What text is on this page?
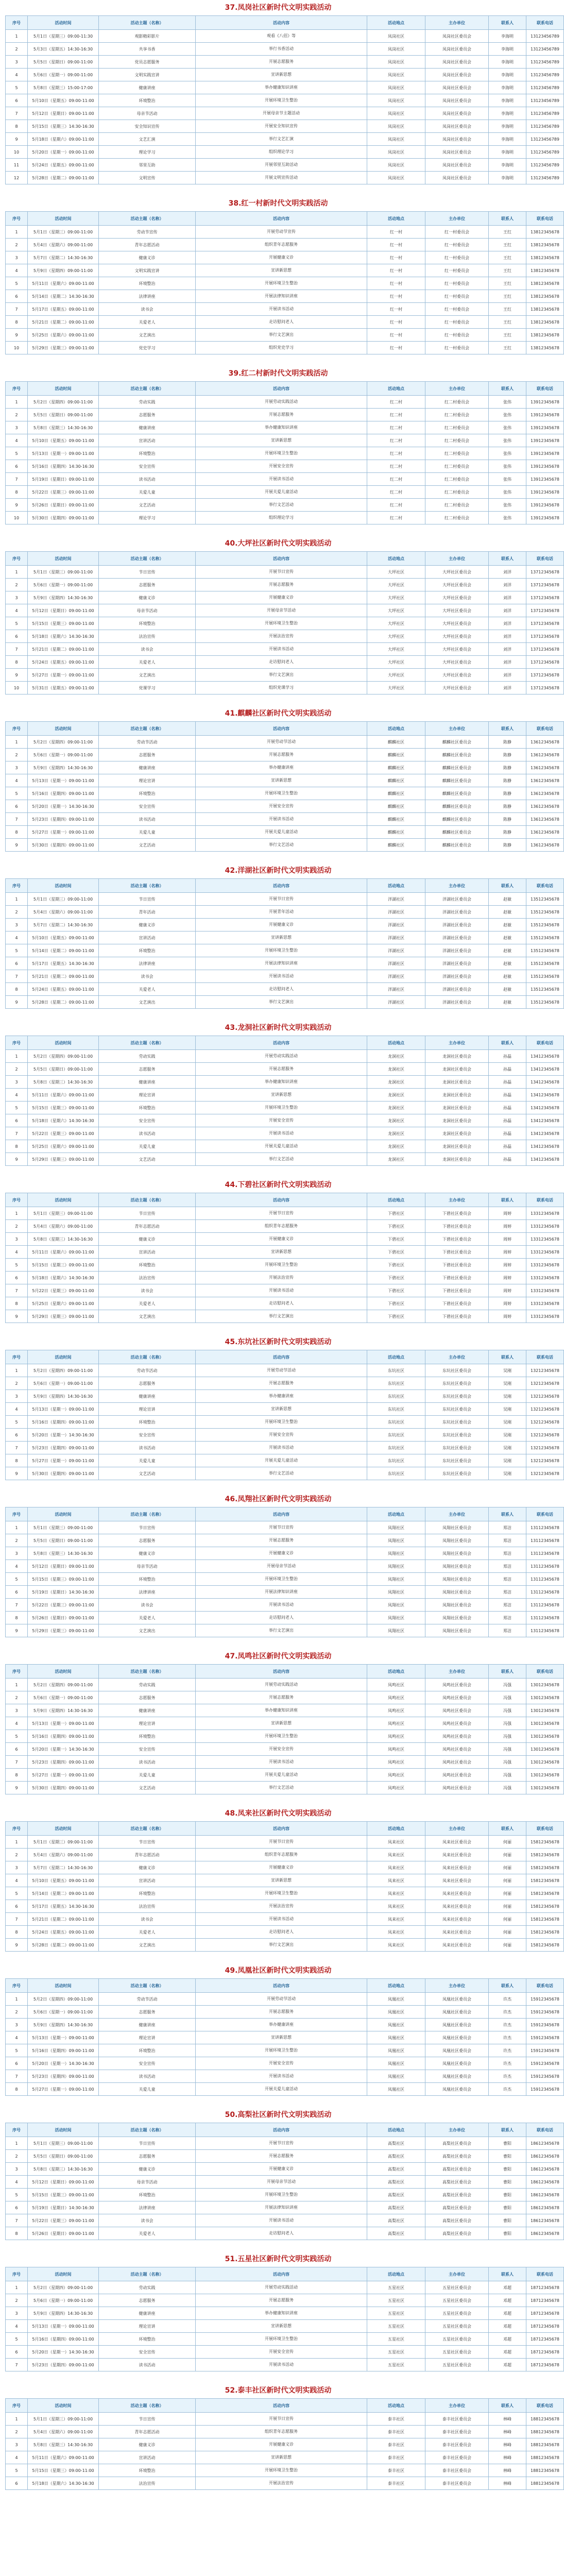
37.凤岗社区新时代文明实践活动
序号	活动时间	活动主题（名称）	活动内容	活动地点	主办单位	联系人	联系电话
1	5月1日（星期三）09:00-11:30	观影精彩影片	观看《八佰》等	凤岗社区	凤岗社区委员会	李海明	13123456789
2	5月3日（星期五）14:30-16:30	共享书香	举行书香活动	凤岗社区	凤岗社区委员会	李海明	13123456789
3	5月5日（星期日）09:00-11:00	党员志愿服务	开展志愿服务	凤岗社区	凤岗社区委员会	李海明	13123456789
4	5月6日（星期一）09:00-11:00	文明实践宣讲	宣讲新思想	凤岗社区	凤岗社区委员会	李海明	13123456789
5	5月8日（星期三）15:00-17:00	健康讲座	举办健康知识讲座	凤岗社区	凤岗社区委员会	李海明	13123456789
6	5月10日（星期五）09:00-11:00	环境整治	开展环境卫生整治	凤岗社区	凤岗社区委员会	李海明	13123456789
7	5月12日（星期日）09:00-11:00	母亲节活动	开展母亲节主题活动	凤岗社区	凤岗社区委员会	李海明	13123456789
8	5月15日（星期三）14:30-16:30	安全知识宣传	开展安全知识宣传	凤岗社区	凤岗社区委员会	李海明	13123456789
9	5月18日（星期六）09:00-11:00	文艺汇演	举行文艺汇演	凤岗社区	凤岗社区委员会	李海明	13123456789
10	5月20日（星期一）09:00-11:00	理论学习	组织理论学习	凤岗社区	凤岗社区委员会	李海明	13123456789
11	5月24日（星期五）09:00-11:00	邻里互助	开展邻里互助活动	凤岗社区	凤岗社区委员会	李海明	13123456789
12	5月28日（星期二）09:00-11:00	文明宣传	开展文明宣传活动	凤岗社区	凤岗社区委员会	李海明	13123456789
38.红一村新时代文明实践活动
序号	活动时间	活动主题（名称）	活动内容	活动地点	主办单位	联系人	联系电话
1	5月1日（星期三）09:00-11:00	劳动节宣传	开展劳动节宣传	红一村	红一村委员会	王红	13812345678
2	5月4日（星期六）09:00-11:00	青年志愿活动	组织青年志愿服务	红一村	红一村委员会	王红	13812345678
3	5月7日（星期二）14:30-16:30	健康义诊	开展健康义诊	红一村	红一村委员会	王红	13812345678
4	5月9日（星期四）09:00-11:00	文明实践宣讲	宣讲新思想	红一村	红一村委员会	王红	13812345678
5	5月11日（星期六）09:00-11:00	环境整治	开展环境卫生整治	红一村	红一村委员会	王红	13812345678
6	5月14日（星期二）14:30-16:30	法律讲座	开展法律知识讲座	红一村	红一村委员会	王红	13812345678
7	5月17日（星期五）09:00-11:00	读书会	开展读书活动	红一村	红一村委员会	王红	13812345678
8	5月21日（星期二）09:00-11:00	关爱老人	走访慰问老人	红一村	红一村委员会	王红	13812345678
9	5月25日（星期六）09:00-11:00	文艺演出	举行文艺演出	红一村	红一村委员会	王红	13812345678
10	5月29日（星期三）09:00-11:00	党史学习	组织党史学习	红一村	红一村委员会	王红	13812345678
39.红二村新时代文明实践活动
序号	活动时间	活动主题（名称）	活动内容	活动地点	主办单位	联系人	联系电话
1	5月2日（星期四）09:00-11:00	劳动实践	开展劳动实践活动	红二村	红二村委员会	张伟	13912345678
2	5月5日（星期日）09:00-11:00	志愿服务	开展志愿服务	红二村	红二村委员会	张伟	13912345678
3	5月8日（星期三）14:30-16:30	健康讲座	举办健康知识讲座	红二村	红二村委员会	张伟	13912345678
4	5月10日（星期五）09:00-11:00	宣讲活动	宣讲新思想	红二村	红二村委员会	张伟	13912345678
5	5月13日（星期一）09:00-11:00	环境整治	开展环境卫生整治	红二村	红二村委员会	张伟	13912345678
6	5月16日（星期四）14:30-16:30	安全宣传	开展安全宣传	红二村	红二村委员会	张伟	13912345678
7	5月19日（星期日）09:00-11:00	读书活动	开展读书活动	红二村	红二村委员会	张伟	13912345678
8	5月22日（星期三）09:00-11:00	关爱儿童	开展关爱儿童活动	红二村	红二村委员会	张伟	13912345678
9	5月26日（星期日）09:00-11:00	文艺活动	举行文艺活动	红二村	红二村委员会	张伟	13912345678
10	5月30日（星期四）09:00-11:00	理论学习	组织理论学习	红二村	红二村委员会	张伟	13912345678
40.大坪社区新时代文明实践活动
序号	活动时间	活动主题（名称）	活动内容	活动地点	主办单位	联系人	联系电话
1	5月1日（星期三）09:00-11:00	节日宣传	开展节日宣传	大坪社区	大坪社区委员会	刘洋	13712345678
2	5月6日（星期一）09:00-11:00	志愿服务	开展志愿服务	大坪社区	大坪社区委员会	刘洋	13712345678
3	5月9日（星期四）14:30-16:30	健康义诊	开展健康义诊	大坪社区	大坪社区委员会	刘洋	13712345678
4	5月12日（星期日）09:00-11:00	母亲节活动	开展母亲节活动	大坪社区	大坪社区委员会	刘洋	13712345678
5	5月15日（星期三）09:00-11:00	环境整治	开展环境卫生整治	大坪社区	大坪社区委员会	刘洋	13712345678
6	5月18日（星期六）14:30-16:30	法治宣传	开展法治宣传	大坪社区	大坪社区委员会	刘洋	13712345678
7	5月21日（星期二）09:00-11:00	读书会	开展读书活动	大坪社区	大坪社区委员会	刘洋	13712345678
8	5月24日（星期五）09:00-11:00	关爱老人	走访慰问老人	大坪社区	大坪社区委员会	刘洋	13712345678
9	5月27日（星期一）09:00-11:00	文艺演出	举行文艺演出	大坪社区	大坪社区委员会	刘洋	13712345678
10	5月31日（星期五）09:00-11:00	党课学习	组织党课学习	大坪社区	大坪社区委员会	刘洋	13712345678
41.麒麟社区新时代文明实践活动
序号	活动时间	活动主题（名称）	活动内容	活动地点	主办单位	联系人	联系电话
1	5月2日（星期四）09:00-11:00	劳动节活动	开展劳动节活动	麒麟社区	麒麟社区委员会	陈静	13612345678
2	5月6日（星期一）09:00-11:00	志愿服务	开展志愿服务	麒麟社区	麒麟社区委员会	陈静	13612345678
3	5月9日（星期四）14:30-16:30	健康讲座	举办健康讲座	麒麟社区	麒麟社区委员会	陈静	13612345678
4	5月13日（星期一）09:00-11:00	理论宣讲	宣讲新思想	麒麟社区	麒麟社区委员会	陈静	13612345678
5	5月16日（星期四）09:00-11:00	环境整治	开展环境卫生整治	麒麟社区	麒麟社区委员会	陈静	13612345678
6	5月20日（星期一）14:30-16:30	安全宣传	开展安全宣传	麒麟社区	麒麟社区委员会	陈静	13612345678
7	5月23日（星期四）09:00-11:00	读书活动	开展读书活动	麒麟社区	麒麟社区委员会	陈静	13612345678
8	5月27日（星期一）09:00-11:00	关爱儿童	开展关爱儿童活动	麒麟社区	麒麟社区委员会	陈静	13612345678
9	5月30日（星期四）09:00-11:00	文艺活动	举行文艺活动	麒麟社区	麒麟社区委员会	陈静	13612345678
42.洋湖社区新时代文明实践活动
序号	活动时间	活动主题（名称）	活动内容	活动地点	主办单位	联系人	联系电话
1	5月1日（星期三）09:00-11:00	节日宣传	开展节日宣传	洋湖社区	洋湖社区委员会	赵敏	13512345678
2	5月4日（星期六）09:00-11:00	青年活动	开展青年活动	洋湖社区	洋湖社区委员会	赵敏	13512345678
3	5月7日（星期二）14:30-16:30	健康义诊	开展健康义诊	洋湖社区	洋湖社区委员会	赵敏	13512345678
4	5月10日（星期五）09:00-11:00	宣讲活动	宣讲新思想	洋湖社区	洋湖社区委员会	赵敏	13512345678
5	5月14日（星期二）09:00-11:00	环境整治	开展环境卫生整治	洋湖社区	洋湖社区委员会	赵敏	13512345678
6	5月17日（星期五）14:30-16:30	法律讲座	开展法律知识讲座	洋湖社区	洋湖社区委员会	赵敏	13512345678
7	5月21日（星期二）09:00-11:00	读书会	开展读书活动	洋湖社区	洋湖社区委员会	赵敏	13512345678
8	5月24日（星期五）09:00-11:00	关爱老人	走访慰问老人	洋湖社区	洋湖社区委员会	赵敏	13512345678
9	5月28日（星期二）09:00-11:00	文艺演出	举行文艺演出	洋湖社区	洋湖社区委员会	赵敏	13512345678
43.龙洞社区新时代文明实践活动
序号	活动时间	活动主题（名称）	活动内容	活动地点	主办单位	联系人	联系电话
1	5月2日（星期四）09:00-11:00	劳动实践	开展劳动实践活动	龙洞社区	龙洞社区委员会	孙磊	13412345678
2	5月5日（星期日）09:00-11:00	志愿服务	开展志愿服务	龙洞社区	龙洞社区委员会	孙磊	13412345678
3	5月8日（星期三）14:30-16:30	健康讲座	举办健康知识讲座	龙洞社区	龙洞社区委员会	孙磊	13412345678
4	5月11日（星期六）09:00-11:00	理论宣讲	宣讲新思想	龙洞社区	龙洞社区委员会	孙磊	13412345678
5	5月15日（星期三）09:00-11:00	环境整治	开展环境卫生整治	龙洞社区	龙洞社区委员会	孙磊	13412345678
6	5月18日（星期六）14:30-16:30	安全宣传	开展安全宣传	龙洞社区	龙洞社区委员会	孙磊	13412345678
7	5月22日（星期三）09:00-11:00	读书活动	开展读书活动	龙洞社区	龙洞社区委员会	孙磊	13412345678
8	5月25日（星期六）09:00-11:00	关爱儿童	开展关爱儿童活动	龙洞社区	龙洞社区委员会	孙磊	13412345678
9	5月29日（星期三）09:00-11:00	文艺活动	举行文艺活动	龙洞社区	龙洞社区委员会	孙磊	13412345678
44.下碧社区新时代文明实践活动
序号	活动时间	活动主题（名称）	活动内容	活动地点	主办单位	联系人	联系电话
1	5月1日（星期三）09:00-11:00	节日宣传	开展节日宣传	下碧社区	下碧社区委员会	周婷	13312345678
2	5月4日（星期六）09:00-11:00	青年志愿活动	组织青年志愿服务	下碧社区	下碧社区委员会	周婷	13312345678
3	5月8日（星期三）14:30-16:30	健康义诊	开展健康义诊	下碧社区	下碧社区委员会	周婷	13312345678
4	5月11日（星期六）09:00-11:00	宣讲活动	宣讲新思想	下碧社区	下碧社区委员会	周婷	13312345678
5	5月15日（星期三）09:00-11:00	环境整治	开展环境卫生整治	下碧社区	下碧社区委员会	周婷	13312345678
6	5月18日（星期六）14:30-16:30	法治宣传	开展法治宣传	下碧社区	下碧社区委员会	周婷	13312345678
7	5月22日（星期三）09:00-11:00	读书会	开展读书活动	下碧社区	下碧社区委员会	周婷	13312345678
8	5月25日（星期六）09:00-11:00	关爱老人	走访慰问老人	下碧社区	下碧社区委员会	周婷	13312345678
9	5月29日（星期三）09:00-11:00	文艺演出	举行文艺演出	下碧社区	下碧社区委员会	周婷	13312345678
45.东坑社区新时代文明实践活动
序号	活动时间	活动主题（名称）	活动内容	活动地点	主办单位	联系人	联系电话
1	5月2日（星期四）09:00-11:00	劳动节活动	开展劳动节活动	东坑社区	东坑社区委员会	吴刚	13212345678
2	5月6日（星期一）09:00-11:00	志愿服务	开展志愿服务	东坑社区	东坑社区委员会	吴刚	13212345678
3	5月9日（星期四）14:30-16:30	健康讲座	举办健康讲座	东坑社区	东坑社区委员会	吴刚	13212345678
4	5月13日（星期一）09:00-11:00	理论宣讲	宣讲新思想	东坑社区	东坑社区委员会	吴刚	13212345678
5	5月16日（星期四）09:00-11:00	环境整治	开展环境卫生整治	东坑社区	东坑社区委员会	吴刚	13212345678
6	5月20日（星期一）14:30-16:30	安全宣传	开展安全宣传	东坑社区	东坑社区委员会	吴刚	13212345678
7	5月23日（星期四）09:00-11:00	读书活动	开展读书活动	东坑社区	东坑社区委员会	吴刚	13212345678
8	5月27日（星期一）09:00-11:00	关爱儿童	开展关爱儿童活动	东坑社区	东坑社区委员会	吴刚	13212345678
9	5月30日（星期四）09:00-11:00	文艺活动	举行文艺活动	东坑社区	东坑社区委员会	吴刚	13212345678
46.凤翔社区新时代文明实践活动
序号	活动时间	活动主题（名称）	活动内容	活动地点	主办单位	联系人	联系电话
1	5月1日（星期三）09:00-11:00	节日宣传	开展节日宣传	凤翔社区	凤翔社区委员会	郑洁	13112345678
2	5月5日（星期日）09:00-11:00	志愿服务	开展志愿服务	凤翔社区	凤翔社区委员会	郑洁	13112345678
3	5月8日（星期三）14:30-16:30	健康义诊	开展健康义诊	凤翔社区	凤翔社区委员会	郑洁	13112345678
4	5月12日（星期日）09:00-11:00	母亲节活动	开展母亲节活动	凤翔社区	凤翔社区委员会	郑洁	13112345678
5	5月15日（星期三）09:00-11:00	环境整治	开展环境卫生整治	凤翔社区	凤翔社区委员会	郑洁	13112345678
6	5月19日（星期日）14:30-16:30	法律讲座	开展法律知识讲座	凤翔社区	凤翔社区委员会	郑洁	13112345678
7	5月22日（星期三）09:00-11:00	读书会	开展读书活动	凤翔社区	凤翔社区委员会	郑洁	13112345678
8	5月26日（星期日）09:00-11:00	关爱老人	走访慰问老人	凤翔社区	凤翔社区委员会	郑洁	13112345678
9	5月29日（星期三）09:00-11:00	文艺演出	举行文艺演出	凤翔社区	凤翔社区委员会	郑洁	13112345678
47.凤鸣社区新时代文明实践活动
序号	活动时间	活动主题（名称）	活动内容	活动地点	主办单位	联系人	联系电话
1	5月2日（星期四）09:00-11:00	劳动实践	开展劳动实践活动	凤鸣社区	凤鸣社区委员会	冯强	13012345678
2	5月6日（星期一）09:00-11:00	志愿服务	开展志愿服务	凤鸣社区	凤鸣社区委员会	冯强	13012345678
3	5月9日（星期四）14:30-16:30	健康讲座	举办健康知识讲座	凤鸣社区	凤鸣社区委员会	冯强	13012345678
4	5月13日（星期一）09:00-11:00	理论宣讲	宣讲新思想	凤鸣社区	凤鸣社区委员会	冯强	13012345678
5	5月16日（星期四）09:00-11:00	环境整治	开展环境卫生整治	凤鸣社区	凤鸣社区委员会	冯强	13012345678
6	5月20日（星期一）14:30-16:30	安全宣传	开展安全宣传	凤鸣社区	凤鸣社区委员会	冯强	13012345678
7	5月23日（星期四）09:00-11:00	读书活动	开展读书活动	凤鸣社区	凤鸣社区委员会	冯强	13012345678
8	5月27日（星期一）09:00-11:00	关爱儿童	开展关爱儿童活动	凤鸣社区	凤鸣社区委员会	冯强	13012345678
9	5月30日（星期四）09:00-11:00	文艺活动	举行文艺活动	凤鸣社区	凤鸣社区委员会	冯强	13012345678
48.凤来社区新时代文明实践活动
序号	活动时间	活动主题（名称）	活动内容	活动地点	主办单位	联系人	联系电话
1	5月1日（星期三）09:00-11:00	节日宣传	开展节日宣传	凤来社区	凤来社区委员会	何丽	15812345678
2	5月4日（星期六）09:00-11:00	青年志愿活动	组织青年志愿服务	凤来社区	凤来社区委员会	何丽	15812345678
3	5月7日（星期二）14:30-16:30	健康义诊	开展健康义诊	凤来社区	凤来社区委员会	何丽	15812345678
4	5月10日（星期五）09:00-11:00	宣讲活动	宣讲新思想	凤来社区	凤来社区委员会	何丽	15812345678
5	5月14日（星期二）09:00-11:00	环境整治	开展环境卫生整治	凤来社区	凤来社区委员会	何丽	15812345678
6	5月17日（星期五）14:30-16:30	法治宣传	开展法治宣传	凤来社区	凤来社区委员会	何丽	15812345678
7	5月21日（星期二）09:00-11:00	读书会	开展读书活动	凤来社区	凤来社区委员会	何丽	15812345678
8	5月24日（星期五）09:00-11:00	关爱老人	走访慰问老人	凤来社区	凤来社区委员会	何丽	15812345678
9	5月28日（星期二）09:00-11:00	文艺演出	举行文艺演出	凤来社区	凤来社区委员会	何丽	15812345678
49.凤凰社区新时代文明实践活动
序号	活动时间	活动主题（名称）	活动内容	活动地点	主办单位	联系人	联系电话
1	5月2日（星期四）09:00-11:00	劳动节活动	开展劳动节活动	凤凰社区	凤凰社区委员会	许杰	15912345678
2	5月6日（星期一）09:00-11:00	志愿服务	开展志愿服务	凤凰社区	凤凰社区委员会	许杰	15912345678
3	5月9日（星期四）14:30-16:30	健康讲座	举办健康讲座	凤凰社区	凤凰社区委员会	许杰	15912345678
4	5月13日（星期一）09:00-11:00	理论宣讲	宣讲新思想	凤凰社区	凤凰社区委员会	许杰	15912345678
5	5月16日（星期四）09:00-11:00	环境整治	开展环境卫生整治	凤凰社区	凤凰社区委员会	许杰	15912345678
6	5月20日（星期一）14:30-16:30	安全宣传	开展安全宣传	凤凰社区	凤凰社区委员会	许杰	15912345678
7	5月23日（星期四）09:00-11:00	读书活动	开展读书活动	凤凰社区	凤凰社区委员会	许杰	15912345678
8	5月27日（星期一）09:00-11:00	关爱儿童	开展关爱儿童活动	凤凰社区	凤凰社区委员会	许杰	15912345678
50.高梨社区新时代文明实践活动
序号	活动时间	活动主题（名称）	活动内容	活动地点	主办单位	联系人	联系电话
1	5月1日（星期三）09:00-11:00	节日宣传	开展节日宣传	高梨社区	高梨社区委员会	曹阳	18612345678
2	5月5日（星期日）09:00-11:00	志愿服务	开展志愿服务	高梨社区	高梨社区委员会	曹阳	18612345678
3	5月8日（星期三）14:30-16:30	健康义诊	开展健康义诊	高梨社区	高梨社区委员会	曹阳	18612345678
4	5月12日（星期日）09:00-11:00	母亲节活动	开展母亲节活动	高梨社区	高梨社区委员会	曹阳	18612345678
5	5月15日（星期三）09:00-11:00	环境整治	开展环境卫生整治	高梨社区	高梨社区委员会	曹阳	18612345678
6	5月19日（星期日）14:30-16:30	法律讲座	开展法律知识讲座	高梨社区	高梨社区委员会	曹阳	18612345678
7	5月22日（星期三）09:00-11:00	读书会	开展读书活动	高梨社区	高梨社区委员会	曹阳	18612345678
8	5月26日（星期日）09:00-11:00	关爱老人	走访慰问老人	高梨社区	高梨社区委员会	曹阳	18612345678
51.五星社区新时代文明实践活动
序号	活动时间	活动主题（名称）	活动内容	活动地点	主办单位	联系人	联系电话
1	5月2日（星期四）09:00-11:00	劳动实践	开展劳动实践活动	五星社区	五星社区委员会	邓超	18712345678
2	5月6日（星期一）09:00-11:00	志愿服务	开展志愿服务	五星社区	五星社区委员会	邓超	18712345678
3	5月9日（星期四）14:30-16:30	健康讲座	举办健康知识讲座	五星社区	五星社区委员会	邓超	18712345678
4	5月13日（星期一）09:00-11:00	理论宣讲	宣讲新思想	五星社区	五星社区委员会	邓超	18712345678
5	5月16日（星期四）09:00-11:00	环境整治	开展环境卫生整治	五星社区	五星社区委员会	邓超	18712345678
6	5月20日（星期一）14:30-16:30	安全宣传	开展安全宣传	五星社区	五星社区委员会	邓超	18712345678
7	5月23日（星期四）09:00-11:00	读书活动	开展读书活动	五星社区	五星社区委员会	邓超	18712345678
52.泰丰社区新时代文明实践活动
序号	活动时间	活动主题（名称）	活动内容	活动地点	主办单位	联系人	联系电话
1	5月1日（星期三）09:00-11:00	节日宣传	开展节日宣传	泰丰社区	泰丰社区委员会	林峰	18812345678
2	5月4日（星期六）09:00-11:00	青年志愿活动	组织青年志愿服务	泰丰社区	泰丰社区委员会	林峰	18812345678
3	5月8日（星期三）14:30-16:30	健康义诊	开展健康义诊	泰丰社区	泰丰社区委员会	林峰	18812345678
4	5月11日（星期六）09:00-11:00	宣讲活动	宣讲新思想	泰丰社区	泰丰社区委员会	林峰	18812345678
5	5月15日（星期三）09:00-11:00	环境整治	开展环境卫生整治	泰丰社区	泰丰社区委员会	林峰	18812345678
6	5月18日（星期六）14:30-16:30	法治宣传	开展法治宣传	泰丰社区	泰丰社区委员会	林峰	18812345678
